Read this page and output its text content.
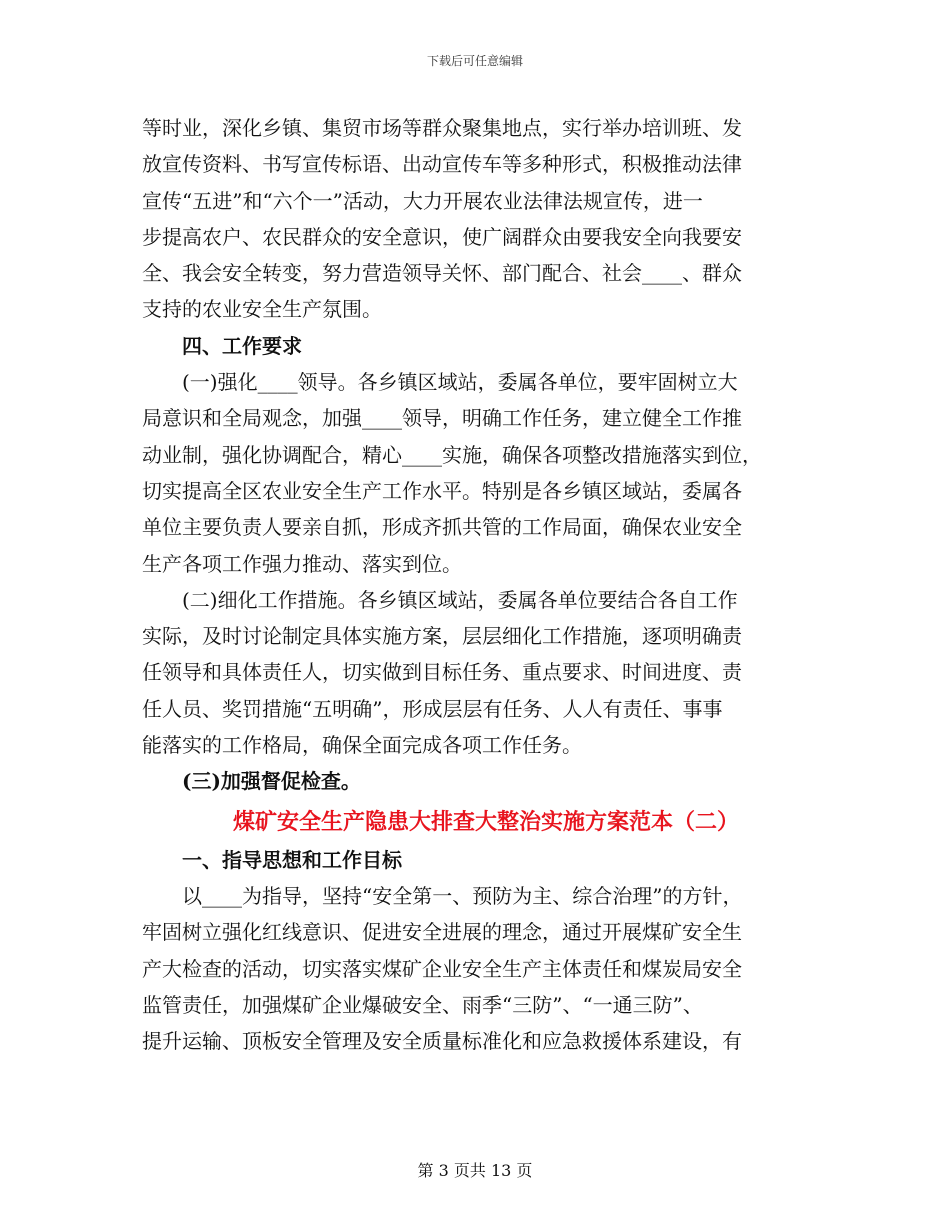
下载后可任意编辑

等时业，深化乡镇、集贸市场等群众聚集地点，实行举办培训班、发
放宣传资料、书写宣传标语、出动宣传车等多种形式，积极推动法律
宣传“五进”和“六个一”活动，大力开展农业法律法规宣传，进一
步提高农户、农民群众的安全意识，使广阔群众由要我安全向我要安
全、我会安全转变，努力营造领导关怀、部门配合、社会____、群众
支持的农业安全生产氛围。

四、工作要求

(一)强化____领导。各乡镇区域站，委属各单位，要牢固树立大
局意识和全局观念，加强____领导，明确工作任务，建立健全工作推
动业制，强化协调配合，精心____实施，确保各项整改措施落实到位，
切实提高全区农业安全生产工作水平。特别是各乡镇区域站，委属各
单位主要负责人要亲自抓，形成齐抓共管的工作局面，确保农业安全
生产各项工作强力推动、落实到位。

(二)细化工作措施。各乡镇区域站，委属各单位要结合各自工作
实际，及时讨论制定具体实施方案，层层细化工作措施，逐项明确责
任领导和具体责任人，切实做到目标任务、重点要求、时间进度、责
任人员、奖罚措施“五明确”，形成层层有任务、人人有责任、事事
能落实的工作格局，确保全面完成各项工作任务。

(三)加强督促检查。

煤矿安全生产隐患大排查大整治实施方案范本（二）

一、指导思想和工作目标

以____为指导，坚持“安全第一、预防为主、综合治理”的方针，
牢固树立强化红线意识、促进安全进展的理念，通过开展煤矿安全生
产大检查的活动，切实落实煤矿企业安全生产主体责任和煤炭局安全
监管责任，加强煤矿企业爆破安全、雨季“三防”、“一通三防”、
提升运输、顶板安全管理及安全质量标准化和应急救援体系建设，有

第 3 页共 13 页
